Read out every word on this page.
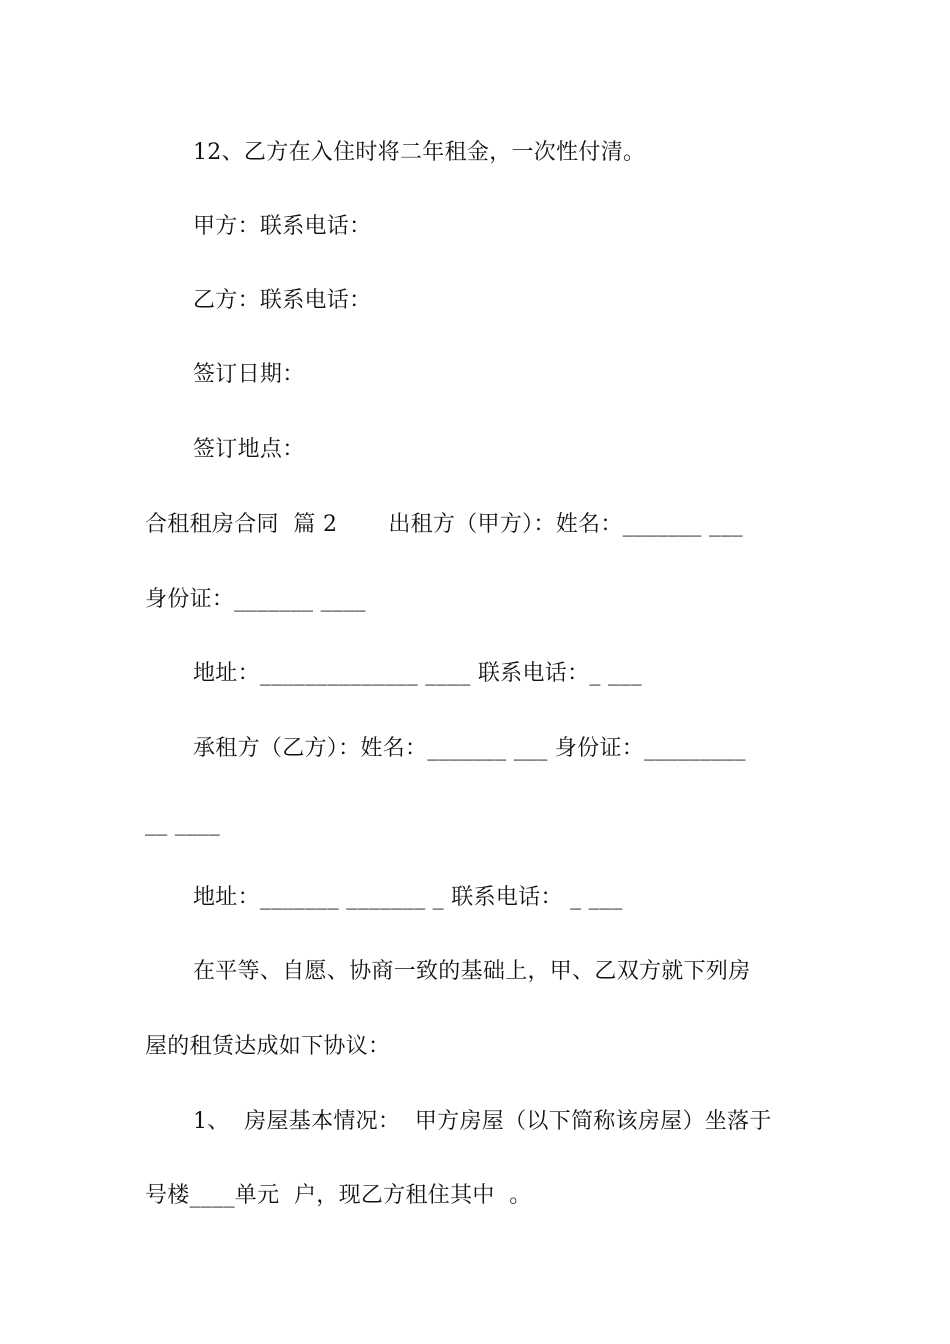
12、乙方在入住时将二年租金，一次性付清。
甲方：联系电话：
乙方：联系电话：
签订日期：
签订地点：
合租租房合同  篇 2       出租方（甲方）：姓名：_______ ___
身份证：_______ ____
地址：______________ ____ 联系电话：_ ___
承租方（乙方）：姓名：_______ ___ 身份证：_________
__ ____
地址：_______ _______ _ 联系电话： _ ___
在平等、自愿、协商一致的基础上，甲、乙双方就下列房
屋的租赁达成如下协议：
1、  房屋基本情况：  甲方房屋（以下简称该房屋）坐落于
号楼____单元  户，现乙方租住其中  。
